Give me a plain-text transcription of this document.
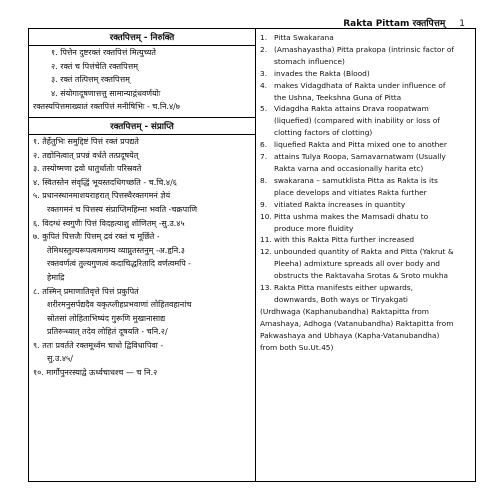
Rakta Pittam रक्तपित्तम् 1
रक्तपित्तम् - निरुक्ति
१. पित्तेन दुष्टरक्तं रक्तपित्तं मित्युच्यते
२. रक्तं च पित्तंचेति रक्तपित्तम्
३. रक्तं तत्पित्तम् रक्तपित्तम्
४. संयोगादूषणात्तत्तु सामान्याद्गंधवर्णयोः
रक्तस्यपित्तमाख्यातं रक्तपित्तं मनीषिभिः - च.नि.४/७
रक्तपित्तम् - संप्राप्ति
१. तैर्हेतुभिः समुद्दिष्टं पित्तं रक्तं प्रपद्यते
२. तद्योनित्वात् प्रपन्नं वर्धते तत्प्रदूषयेत्
३. तस्योष्मणा द्रवो धातुर्धातोः परिस्रवते
४. स्वितस्तेन संवृद्धिं भूयस्तदधिगच्छति - च.चि.४/६
५. प्रधानस्थानमाशयराहरात् पित्तस्थैरक्तगमनं ज्ञेयं
रक्तगमनं च पित्तस्य संप्राप्तिमहिम्ना भवति -चक्रपाणि
६. विदग्धं स्वगुणैः पित्तं विदहत्याशु शोणितम् -सु.उ.४५
७. कुपितं पित्तजैः पित्तम् द्रवं रक्तं च मूर्छिते -
तेमिथस्तुल्यरूपत्वमागम्य व्याप्नुतस्तनुम् -अ.हृनि.३
रक्तवर्णत्वं तुल्यगुणत्वं कदाचिद्धरितादि वर्णत्वमपि -
हेमाद्रि
८. तस्मिन् प्रमाणातिवृत्ते पित्तं प्रकुपितं
शरीरमनुसर्पद्यदैव यकृत्प्लीहप्रभवाणां लोहितवहानांच
स्रोतसां लोहिताभिष्यंद गुरूणि मुखानासाद्य
प्रतिरुन्ध्यात् तदेव लोहितं दूषयति - चनि.२/
९. ततः प्रवर्तते रक्तमूर्ध्वम चाधो द्विविधापिवा -
सु.उ.४५/
१०. मार्गौपुनरस्याद्वे ऊर्ध्वचाधश्च — च नि.२
1. Pitta Swakarana
2. (Amashayastha) Pitta prakopa (intrinsic factor of
stomach influence)
3. invades the Rakta (Blood)
4. makes Vidagdhata of Rakta under influence of
the Ushna, Teekshna Guna of Pitta
5. Vidagdha Rakta attains Drava roopatwam
(liquefied) (compared with inability or loss of
clotting factors of clotting)
6. liquefied Rakta and Pitta mixed one to another
7. attains Tulya Roopa, Samavarnatwam (Usually
Rakta varna and occasionally harita etc)
8. swakarana – samutklista Pitta as Rakta is its
place develops and vitiates Rakta further
9. vitiated Rakta increases in quantity
10. Pitta ushma makes the Mamsadi dhatu to
produce more fluidity
11. with this Rakta Pitta further increased
12. unbounded quantity of Rakta and Pitta (Yakrut &
Pleeha) admixture spreads all over body and
obstructs the Raktavaha Srotas & Sroto mukha
13. Rakta Pitta manifests either upwards,
downwards, Both ways or Tiryakgati
(Urdhwaga (Kaphanubandha) Raktapitta from
Amashaya, Adhoga (Vatanubandha) Raktapitta from
Pakwashaya and Ubhaya (Kapha-Vatanubandha)
from both Su.Ut.45)
